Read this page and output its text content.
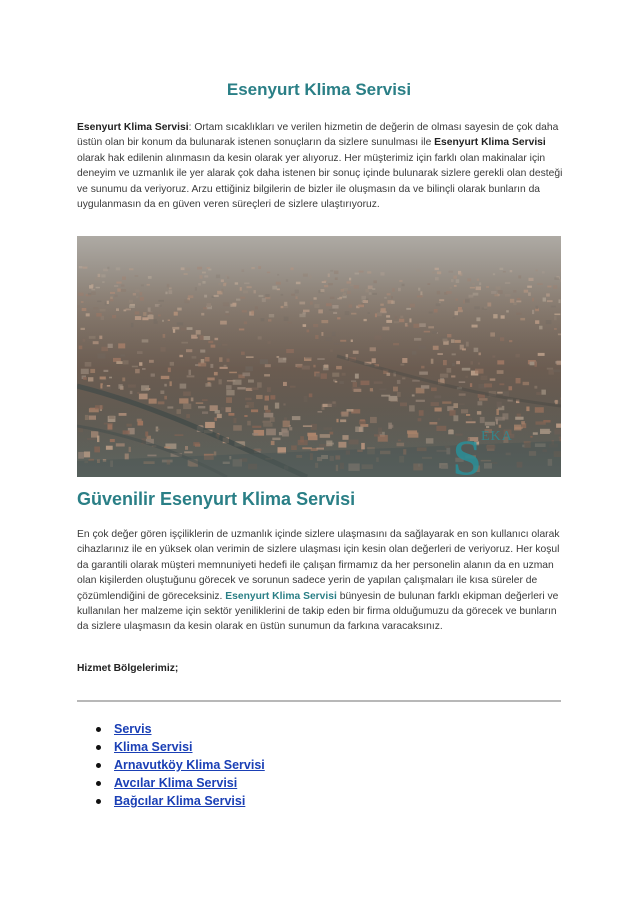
Esenyurt Klima Servisi

Esenyurt Klima Servisi: Ortam sıcaklıkları ve verilen hizmetin de değerin de olması sayesin de çok daha üstün olan bir konum da bulunarak istenen sonuçların da sizlere sunulması ile Esenyurt Klima Servisi olarak hak edilenin alınmasın da kesin olarak yer alıyoruz. Her müşterimiz için farklı olan makinalar için deneyim ve uzmanlık ile yer alarak çok daha istenen bir sonuç içinde bulunarak sizlere gerekli olan desteği ve sunumu da veriyoruz. Arzu ettiğiniz bilgilerin de bizler ile oluşmasın da ve bilinçli olarak bunların da uygulanmasın da en güven veren süreçleri de sizlere ulaştırıyoruz.

S EKA
Güvenilir Esenyurt Klima Servisi

En çok değer gören işçiliklerin de uzmanlık içinde sizlere ulaşmasını da sağlayarak en son kullanıcı olarak cihazlarınız ile en yüksek olan verimin de sizlere ulaşması için kesin olan değerleri de veriyoruz. Her koşul da garantili olarak müşteri memnuniyeti hedefi ile çalışan firmamız da her personelin alanın da en uzman olan kişilerden oluştuğunu görecek ve sorunun sadece yerin de yapılan çalışmaları ile kısa süreler de çözümlendiğini de göreceksiniz. Esenyurt Klima Servisi bünyesin de bulunan farklı ekipman değerleri ve kullanılan her malzeme için sektör yeniliklerini de takip eden bir firma olduğumuzu da görecek ve bunların da sizlere ulaşmasın da kesin olarak en üstün sunumun da farkına varacaksınız.

Hizmet Bölgelerimiz;

Servis
Klima Servisi
Arnavutköy Klima Servisi
Avcılar Klima Servisi
Bağcılar Klima Servisi
